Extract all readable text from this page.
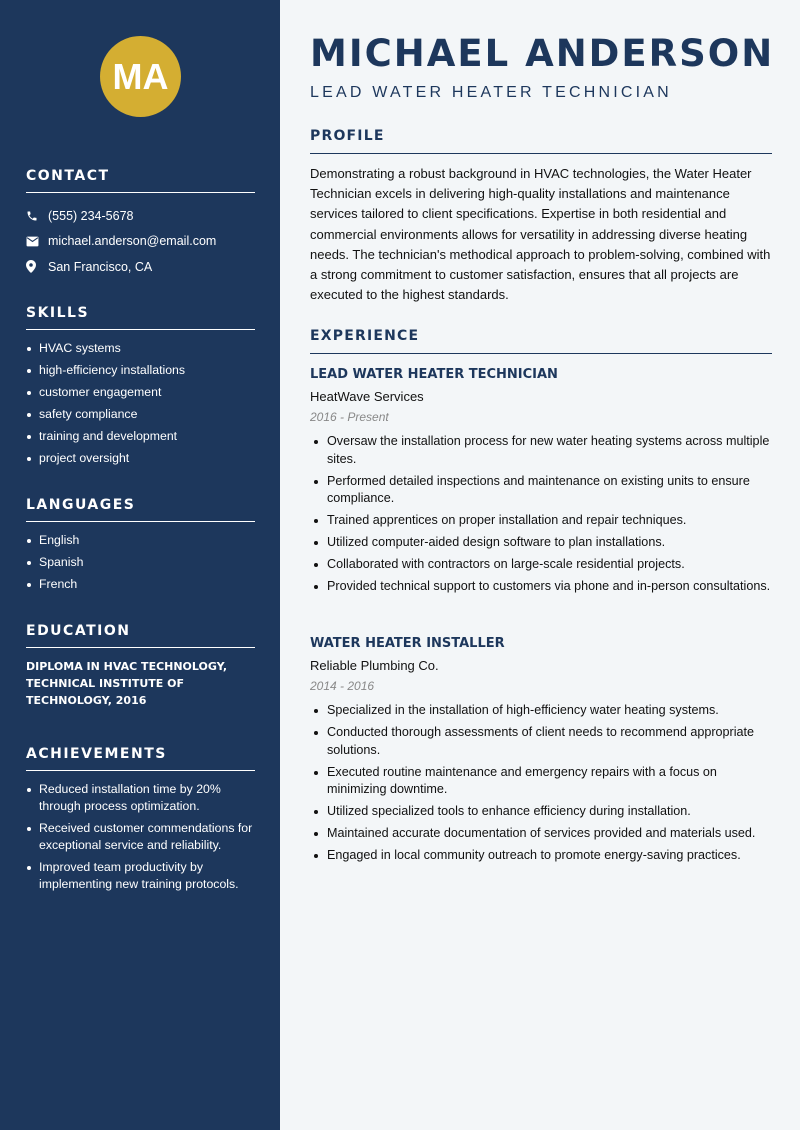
MA
CONTACT
(555) 234-5678
michael.anderson@email.com
San Francisco, CA
SKILLS
HVAC systems
high-efficiency installations
customer engagement
safety compliance
training and development
project oversight
LANGUAGES
English
Spanish
French
EDUCATION
DIPLOMA IN HVAC TECHNOLOGY, TECHNICAL INSTITUTE OF TECHNOLOGY, 2016
ACHIEVEMENTS
Reduced installation time by 20% through process optimization.
Received customer commendations for exceptional service and reliability.
Improved team productivity by implementing new training protocols.
MICHAEL ANDERSON
LEAD WATER HEATER TECHNICIAN
PROFILE
Demonstrating a robust background in HVAC technologies, the Water Heater Technician excels in delivering high-quality installations and maintenance services tailored to client specifications. Expertise in both residential and commercial environments allows for versatility in addressing diverse heating needs. The technician's methodical approach to problem-solving, combined with a strong commitment to customer satisfaction, ensures that all projects are executed to the highest standards.
EXPERIENCE
LEAD WATER HEATER TECHNICIAN
HeatWave Services
2016 - Present
Oversaw the installation process for new water heating systems across multiple sites.
Performed detailed inspections and maintenance on existing units to ensure compliance.
Trained apprentices on proper installation and repair techniques.
Utilized computer-aided design software to plan installations.
Collaborated with contractors on large-scale residential projects.
Provided technical support to customers via phone and in-person consultations.
WATER HEATER INSTALLER
Reliable Plumbing Co.
2014 - 2016
Specialized in the installation of high-efficiency water heating systems.
Conducted thorough assessments of client needs to recommend appropriate solutions.
Executed routine maintenance and emergency repairs with a focus on minimizing downtime.
Utilized specialized tools to enhance efficiency during installation.
Maintained accurate documentation of services provided and materials used.
Engaged in local community outreach to promote energy-saving practices.
